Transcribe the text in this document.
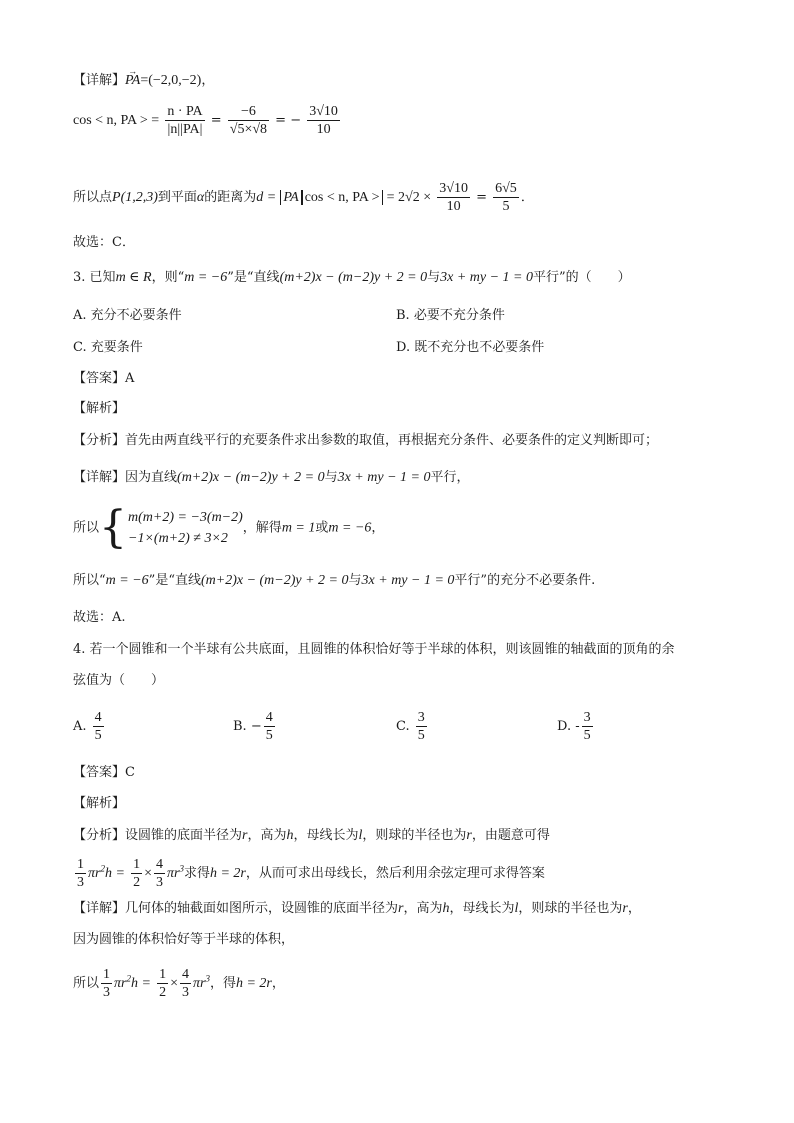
【详解】→ PA=(−2,0,−2)，
cos < n, PA > = $\frac{n \cdot PA}{|n||PA|} = \frac{-6}{√5\times√8}$ = − $\frac{3√10}{10}$
所以点P(1,2,3)到平面α的距离为d = PA cos < n, PA > = $2√2 \times \frac{3√10}{10} = \frac{6√5}{5}$ ．
故选：C．
3. 已知m ∈ R，则“m = −6”是“直线(m+2)x − (m−2)y + 2 = 0与3x + my − 1 = 0平行”的（　　）
A. 充分不必要条件	B. 必要不充分条件
C. 充要条件	D. 既不充分也不必要条件
【答案】A
【解析】
【分析】首先由两直线平行的充要条件求出参数的取值，再根据充分条件、必要条件的定义判断即可；
【详解】因为直线(m+2)x − (m−2)y + 2 = 0与3x + my − 1 = 0平行，
所以{ m(m+2) = −3(m−2)
−1×(m+2) ≠ 3×2
，解得m = 1或m = −6，
所以“m = −6”是“直线(m+2)x − (m−2)y + 2 = 0与3x + my − 1 = 0平行”的充分不必要条件.
故选：A.
4. 若一个圆锥和一个半球有公共底面，且圆锥的体积恰好等于半球的体积，则该圆锥的轴截面的顶角的余
弦值为（　　）
A. $\frac{4}{5}$	B. − $\frac{4}{5}$	C. $\frac{3}{5}$	D. - $\frac{3}{5}$
【答案】C
【解析】
【分析】设圆锥的底面半径为r，高为h，母线长为l，则球的半径也为r，由题意可得
$\frac{1}{3} \pi r^2h = \frac{1}{2} \times \frac{4}{3} \pi r^3$求得h = 2r，从而可求出母线长，然后利用余弦定理可求得答案
【详解】几何体的轴截面如图所示，设圆锥的底面半径为r，高为h，母线长为l，则球的半径也为r，
因为圆锥的体积恰好等于半球的体积，
所以 $\frac{1}{3} \pi r^2h = \frac{1}{2} \times \frac{4}{3} \pi r^3$，得h = 2r，
